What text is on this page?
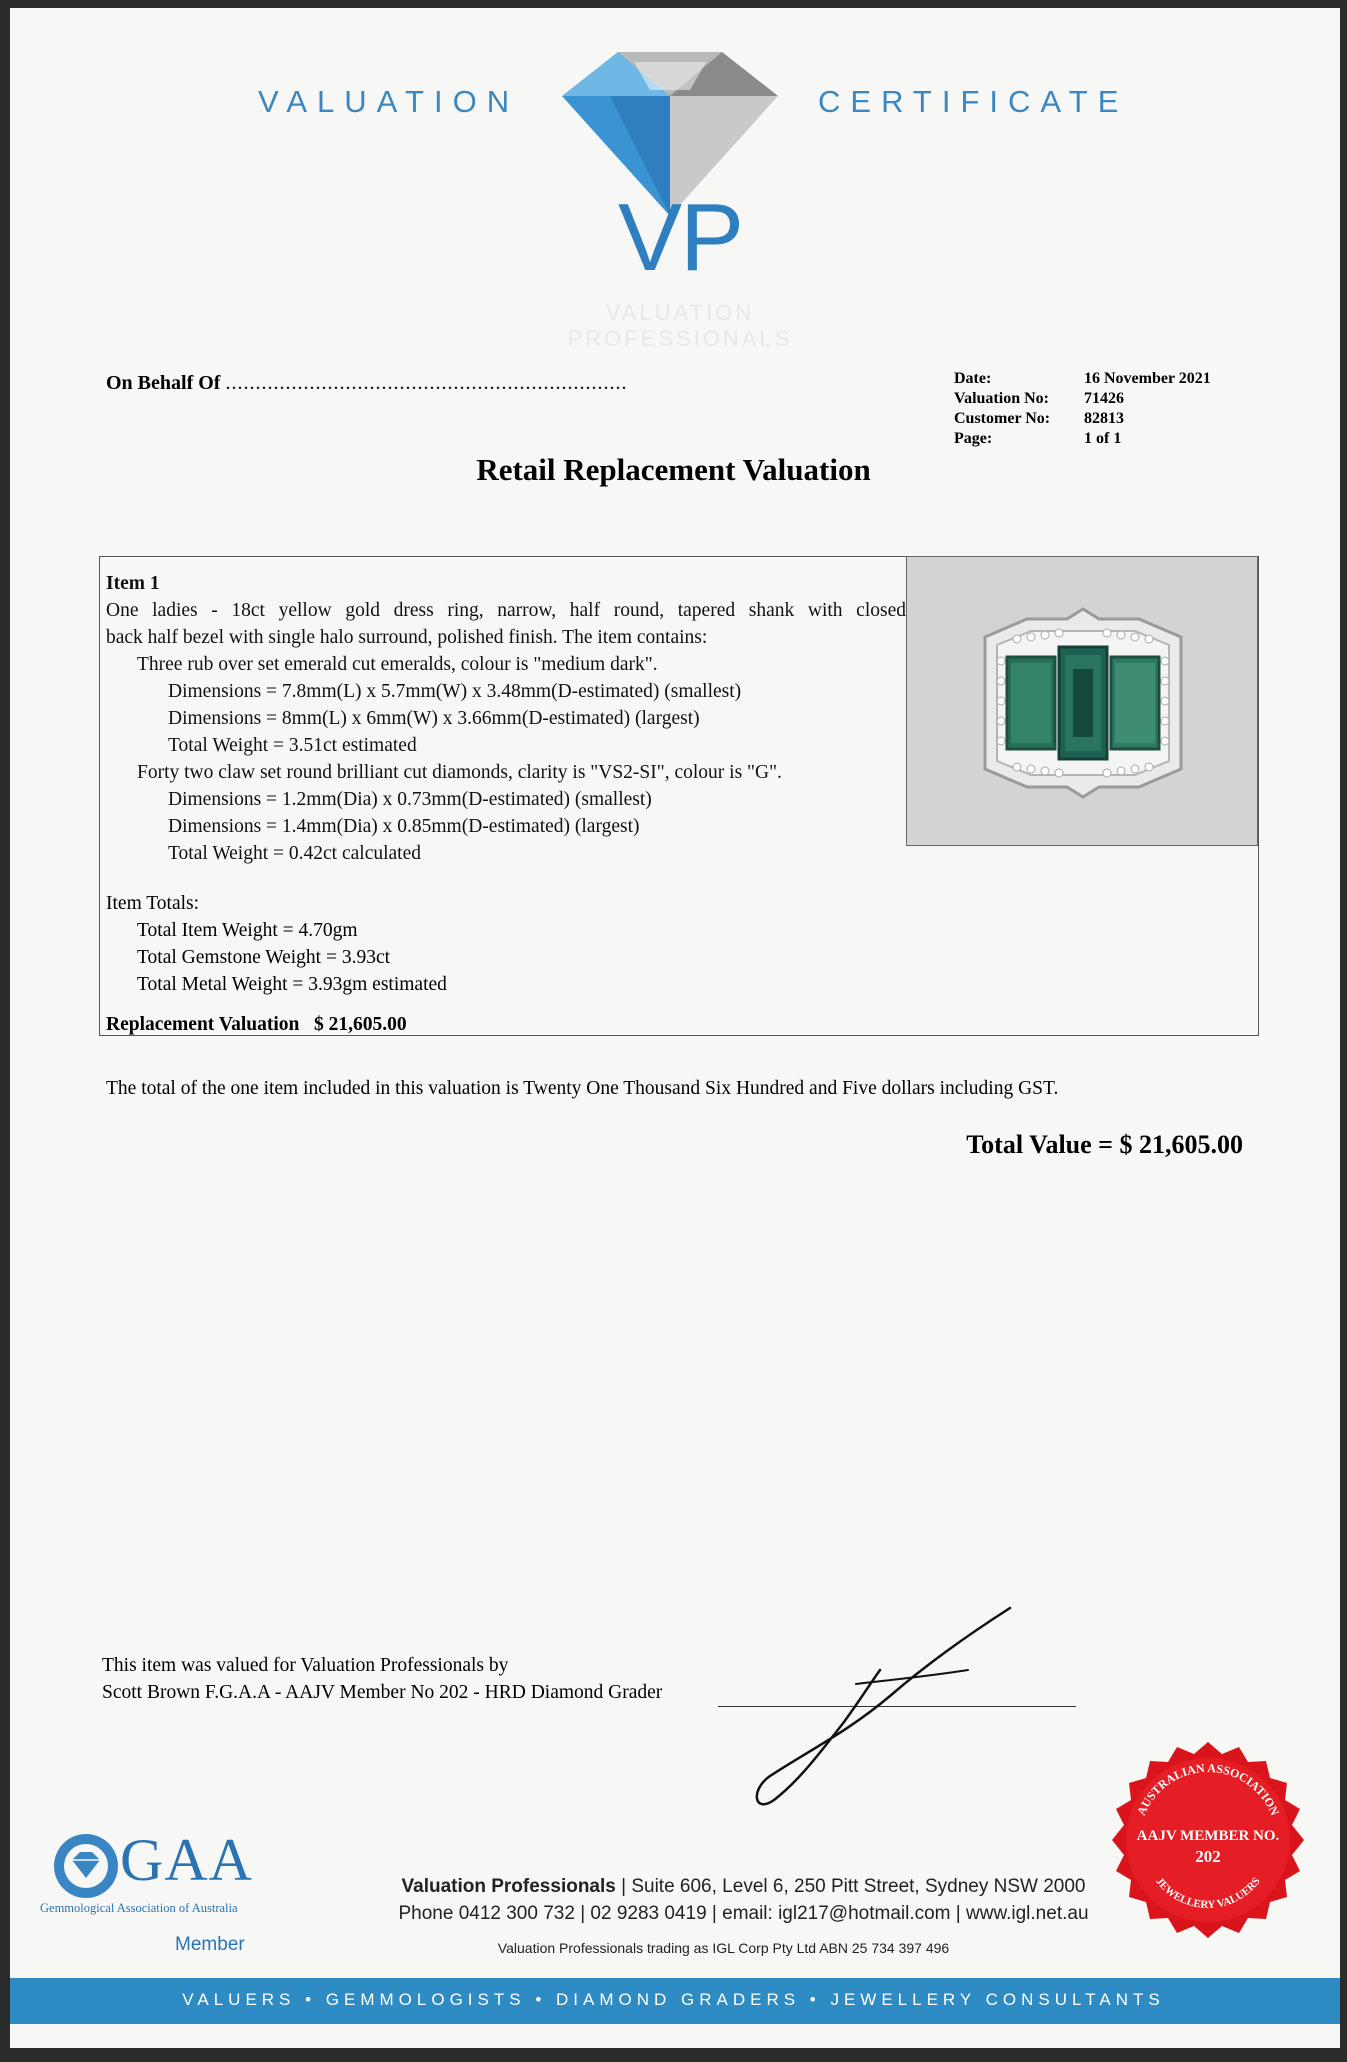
VALUATION	CERTIFICATE
VP
VALUATION
PROFESSIONALS
On Behalf Of ...................................................................	Date:	16 November 2021
Valuation No:	71426
Customer No:	82813
Page:	1 of 1
Retail Replacement Valuation
Item 1
One ladies - 18ct yellow gold dress ring, narrow, half round, tapered shank with closed
back half bezel with single halo surround, polished finish. The item contains:
Three rub over set emerald cut emeralds, colour is "medium dark".
Dimensions = 7.8mm(L) x 5.7mm(W) x 3.48mm(D-estimated) (smallest)
Dimensions = 8mm(L) x 6mm(W) x 3.66mm(D-estimated) (largest)
Total Weight = 3.51ct estimated
Forty two claw set round brilliant cut diamonds, clarity is "VS2-SI", colour is "G".
Dimensions = 1.2mm(Dia) x 0.73mm(D-estimated) (smallest)
Dimensions = 1.4mm(Dia) x 0.85mm(D-estimated) (largest)
Total Weight = 0.42ct calculated
Item Totals:
Total Item Weight = 4.70gm
Total Gemstone Weight = 3.93ct
Total Metal Weight = 3.93gm estimated
Replacement Valuation $ 21,605.00
The total of the one item included in this valuation is Twenty One Thousand Six Hundred and Five dollars including GST.
Total Value = $ 21,605.00
This item was valued for Valuation Professionals by
Scott Brown F.G.A.A - AAJV Member No 202 - HRD Diamond Grader
AUSTRALIAN ASSOCIATION
AAJV MEMBER NO.
202
JEWELLERY VALUERS
GAA
Gemmological Association of Australia
Member
Valuation Professionals | Suite 606, Level 6, 250 Pitt Street, Sydney NSW 2000
Phone 0412 300 732 | 02 9283 0419 | email: igl217@hotmail.com | www.igl.net.au
Valuation Professionals trading as IGL Corp Pty Ltd ABN 25 734 397 496
VALUERS • GEMMOLOGISTS • DIAMOND GRADERS • JEWELLERY CONSULTANTS
